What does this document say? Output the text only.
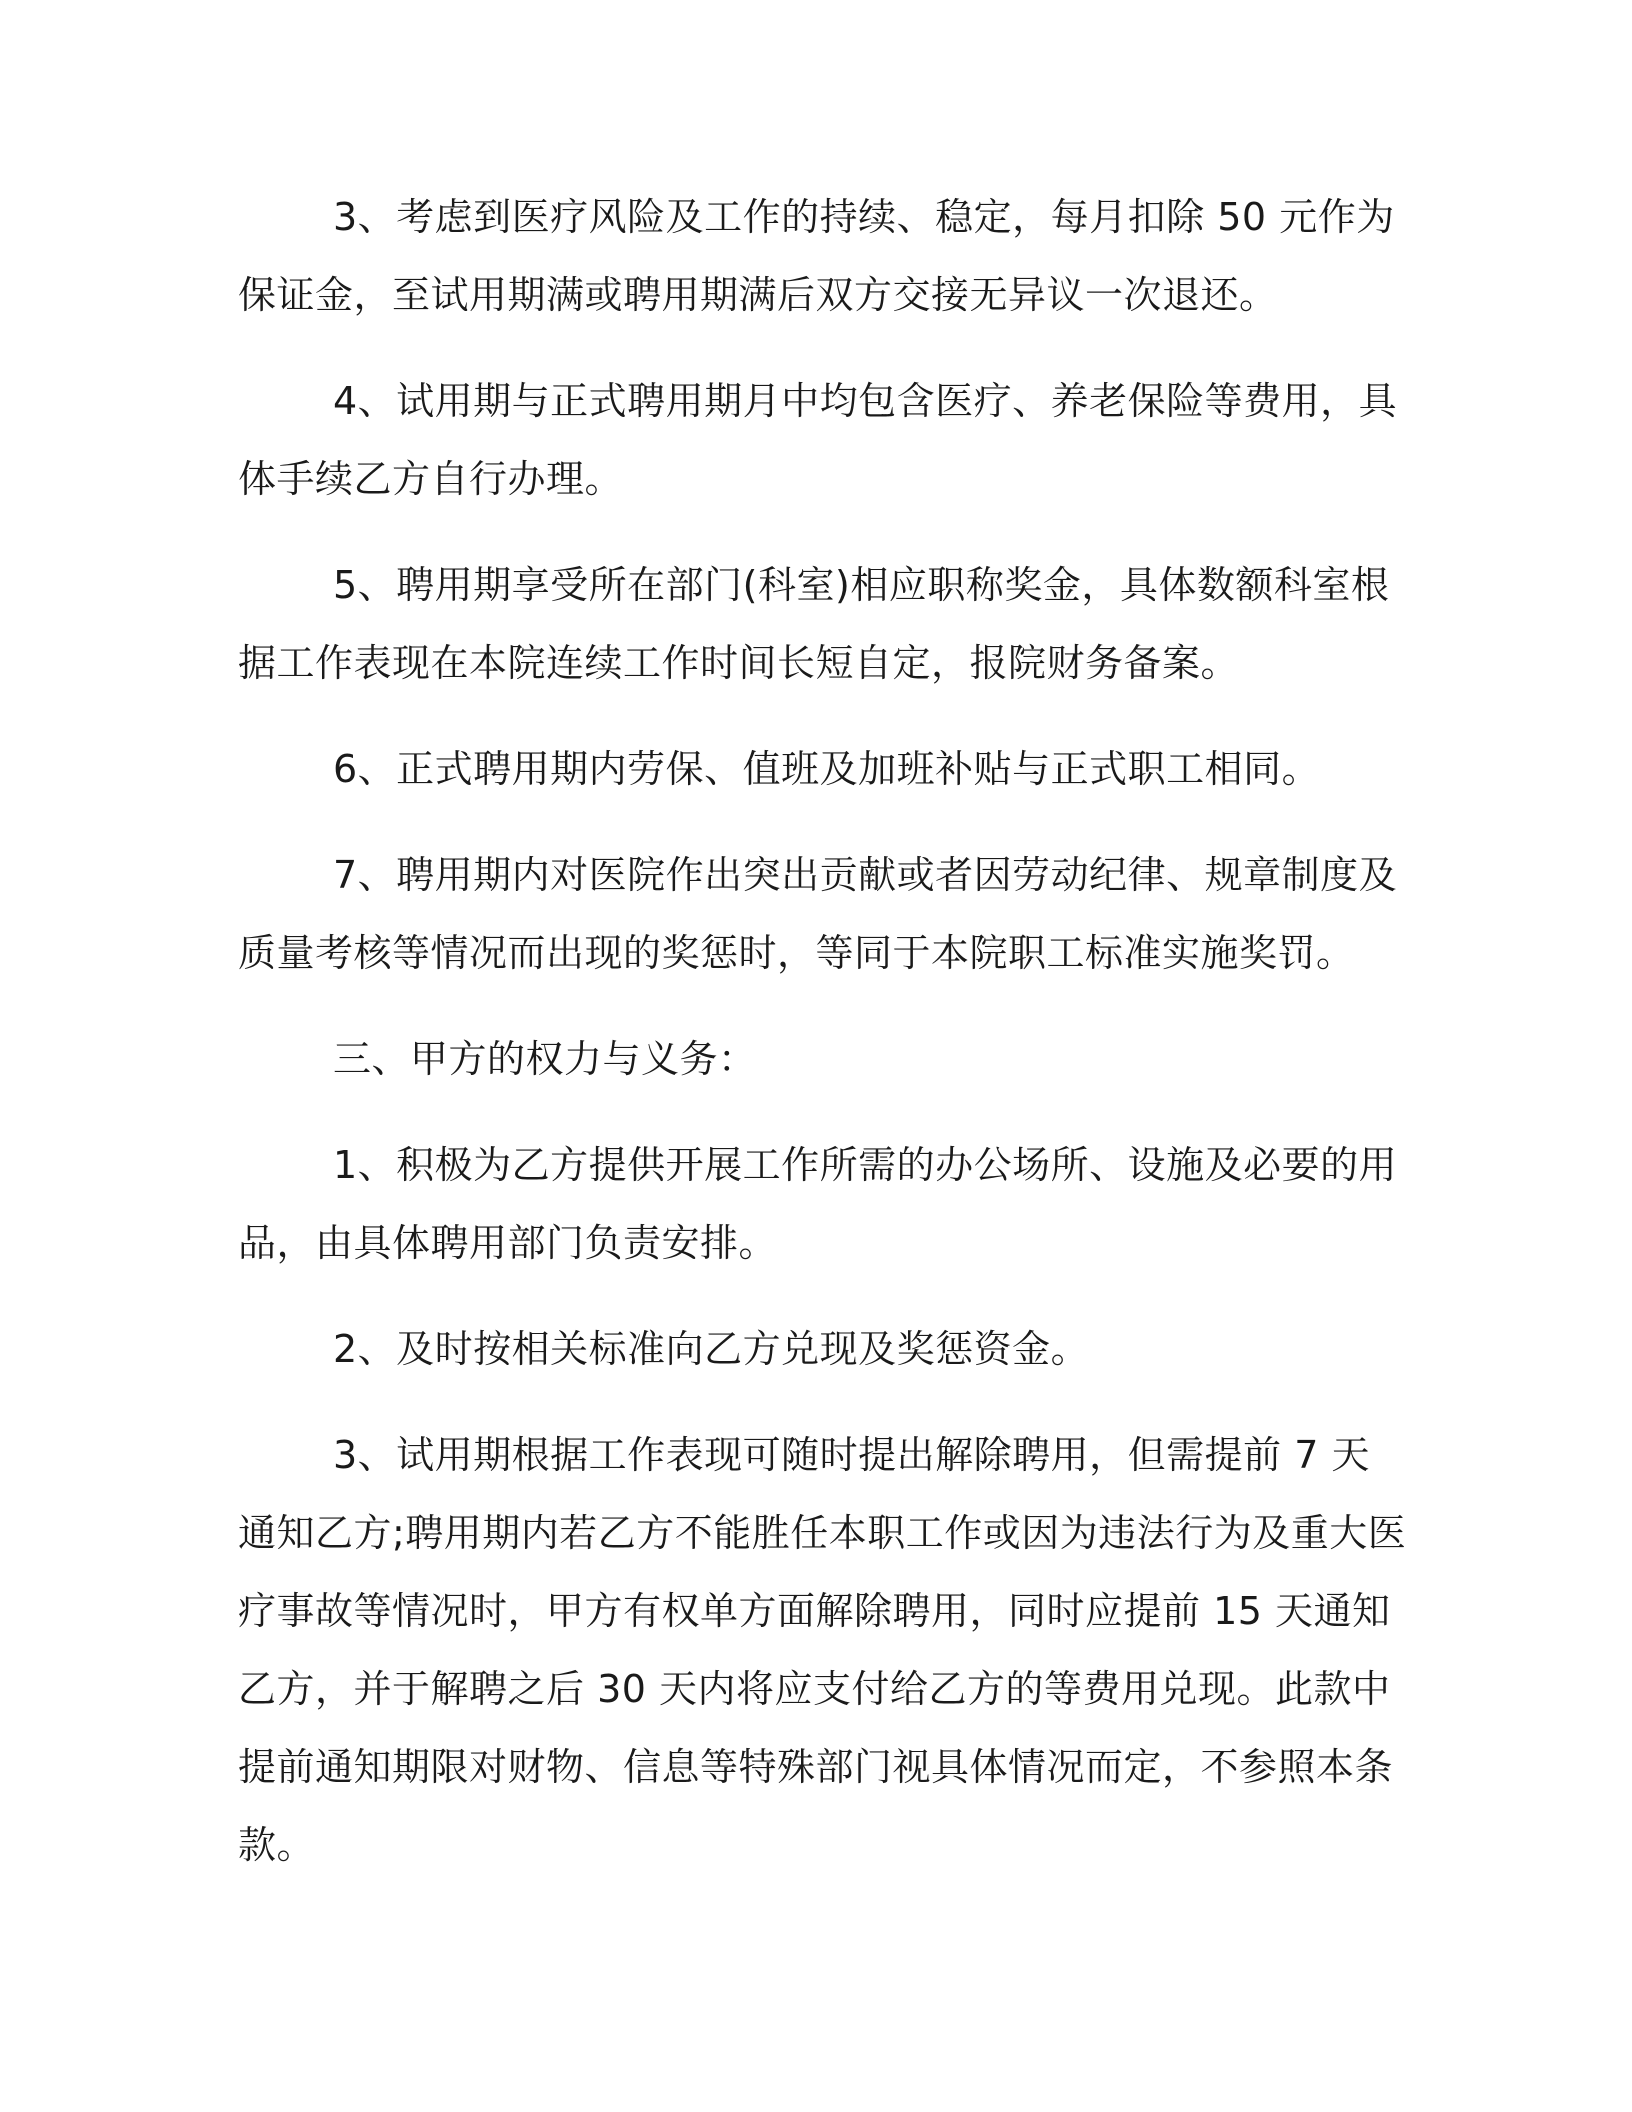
3、考虑到医疗风险及工作的持续、稳定，每月扣除 50 元作为保证金，至试用期满或聘用期满后双方交接无异议一次退还。

4、试用期与正式聘用期月中均包含医疗、养老保险等费用，具体手续乙方自行办理。

5、聘用期享受所在部门(科室)相应职称奖金，具体数额科室根据工作表现在本院连续工作时间长短自定，报院财务备案。

6、正式聘用期内劳保、值班及加班补贴与正式职工相同。

7、聘用期内对医院作出突出贡献或者因劳动纪律、规章制度及质量考核等情况而出现的奖惩时，等同于本院职工标准实施奖罚。

三、甲方的权力与义务：

1、积极为乙方提供开展工作所需的办公场所、设施及必要的用品，由具体聘用部门负责安排。

2、及时按相关标准向乙方兑现及奖惩资金。

3、试用期根据工作表现可随时提出解除聘用，但需提前 7 天通知乙方;聘用期内若乙方不能胜任本职工作或因为违法行为及重大医疗事故等情况时，甲方有权单方面解除聘用，同时应提前 15 天通知乙方，并于解聘之后 30 天内将应支付给乙方的等费用兑现。此款中提前通知期限对财物、信息等特殊部门视具体情况而定，不参照本条款。
